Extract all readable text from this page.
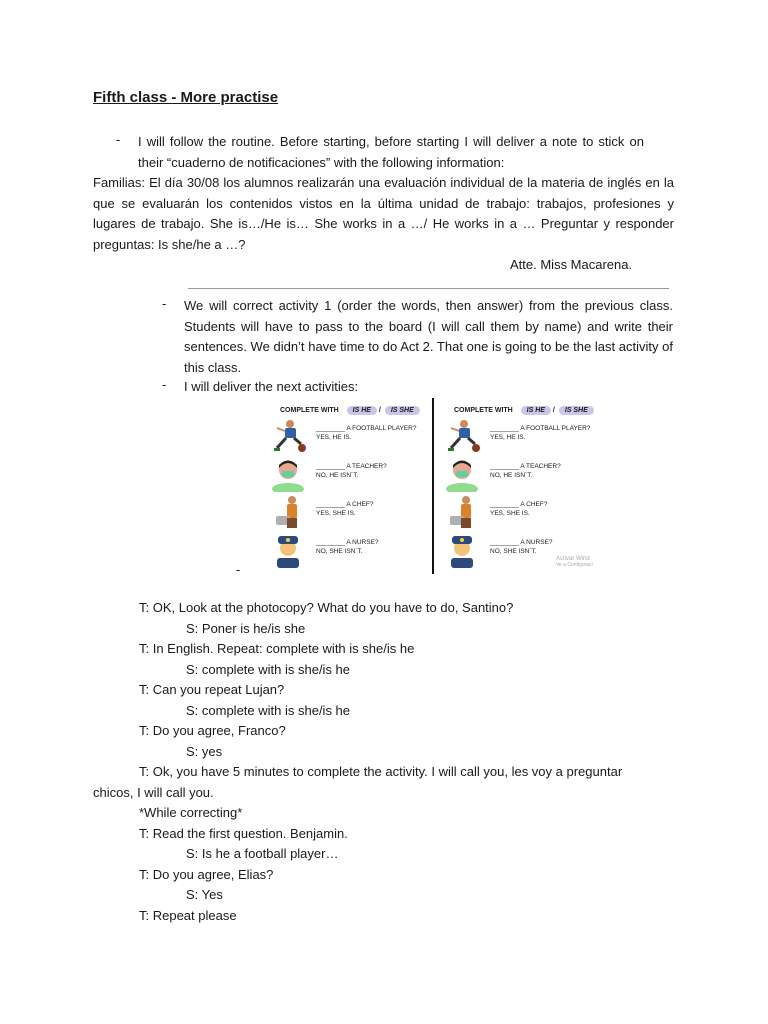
Fifth class - More practise
-	I will follow the routine. Before starting, before starting I will deliver a note to stick on their “cuaderno de notificaciones” with the following information:
Familias: El día 30/08 los alumnos realizarán una evaluación individual de la materia de inglés en la que se evaluarán los contenidos vistos en la última unidad de trabajo: trabajos, profesiones y lugares de trabajo. She is…/He is… She works in a …/ He works in a … Preguntar y responder preguntas: Is she/he a …?
Atte. Miss Macarena.
-	We will correct activity 1 (order the words, then answer) from the previous class. Students will have to pass to the board (I will call them by name) and write their sentences. We didn’t have time to do Act 2. That one is going to be the last activity of this class.
-	I will deliver the next activities:
COMPLETE WITH IS HE / IS SHE
________ A FOOTBALL PLAYER?
YES, HE IS.
________ A TEACHER?
NO, HE ISN´T.
________ A CHEF?
YES, SHE IS.
________ A NURSE?
NO, SHE ISN´T.
COMPLETE WITH IS HE / IS SHE
________ A FOOTBALL PLAYER?
YES, HE IS.
________ A TEACHER?
NO, HE ISN´T.
________ A CHEF?
YES, SHE IS.
________ A NURSE?
NO, SHE ISN´T.
Activar Wind
Ve a Configuraci
-
T: OK, Look at the photocopy? What do you have to do, Santino?
S: Poner is he/is she
T: In English. Repeat: complete with is she/is he
S: complete with is she/is he
T: Can you repeat Lujan?
S: complete with is she/is he
T: Do you agree, Franco?
S: yes
T: Ok, you have 5 minutes to complete the activity. I will call you, les voy a preguntar
chicos, I will call you.
*While correcting*
T: Read the first question. Benjamin.
S: Is he a football player…
T: Do you agree, Elias?
S: Yes
T: Repeat please
